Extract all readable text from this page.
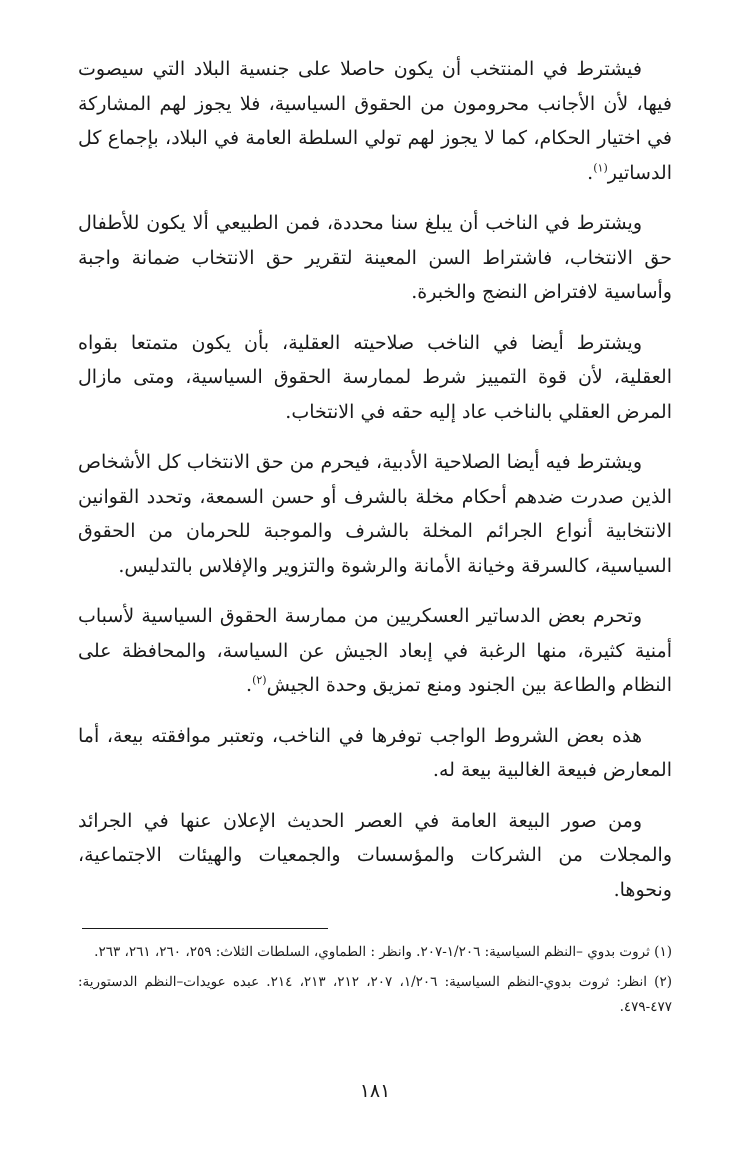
فيشترط في المنتخب أن يكون حاصلا على جنسية البلاد التي سيصوت فيها، لأن الأجانب محرومون من الحقوق السياسية، فلا يجوز لهم المشاركة في اختيار الحكام، كما لا يجوز لهم تولي السلطة العامة في البلاد، بإجماع كل الدساتير$^{(١)}$.

ويشترط في الناخب أن يبلغ سنا محددة، فمن الطبيعي ألا يكون للأطفال حق الانتخاب، فاشتراط السن المعينة لتقرير حق الانتخاب ضمانة واجبة وأساسية لافتراض النضج والخبرة.

ويشترط أيضا في الناخب صلاحيته العقلية، بأن يكون متمتعا بقواه العقلية، لأن قوة التمييز شرط لممارسة الحقوق السياسية، ومتى مازال المرض العقلي بالناخب عاد إليه حقه في الانتخاب.

ويشترط فيه أيضا الصلاحية الأدبية، فيحرم من حق الانتخاب كل الأشخاص الذين صدرت ضدهم أحكام مخلة بالشرف أو حسن السمعة، وتحدد القوانين الانتخابية أنواع الجرائم المخلة بالشرف والموجبة للحرمان من الحقوق السياسية، كالسرقة وخيانة الأمانة والرشوة والتزوير والإفلاس بالتدليس.

وتحرم بعض الدساتير العسكريين من ممارسة الحقوق السياسية لأسباب أمنية كثيرة، منها الرغبة في إبعاد الجيش عن السياسة، والمحافظة على النظام والطاعة بين الجنود ومنع تمزيق وحدة الجيش$^{(٢)}$.

هذه بعض الشروط الواجب توفرها في الناخب، وتعتبر موافقته بيعة، أما المعارض فبيعة الغالبية بيعة له.

ومن صور البيعة العامة في العصر الحديث الإعلان عنها في الجرائد والمجلات من الشركات والمؤسسات والجمعيات والهيئات الاجتماعية، ونحوها.

(١) ثروت بدوي –النظم السياسية: ١/٢٠٦-٢٠٧. وانظر : الطماوي، السلطات الثلاث: ٢٥٩، ٢٦٠، ٢٦١، ٢٦٣.

(٢) انظر: ثروت بدوي-النظم السياسية: ١/٢٠٦، ٢٠٧، ٢١٢، ٢١٣، ٢١٤. عبده عويدات–النظم الدستورية: ٤٧٧-٤٧٩.

١٨١
